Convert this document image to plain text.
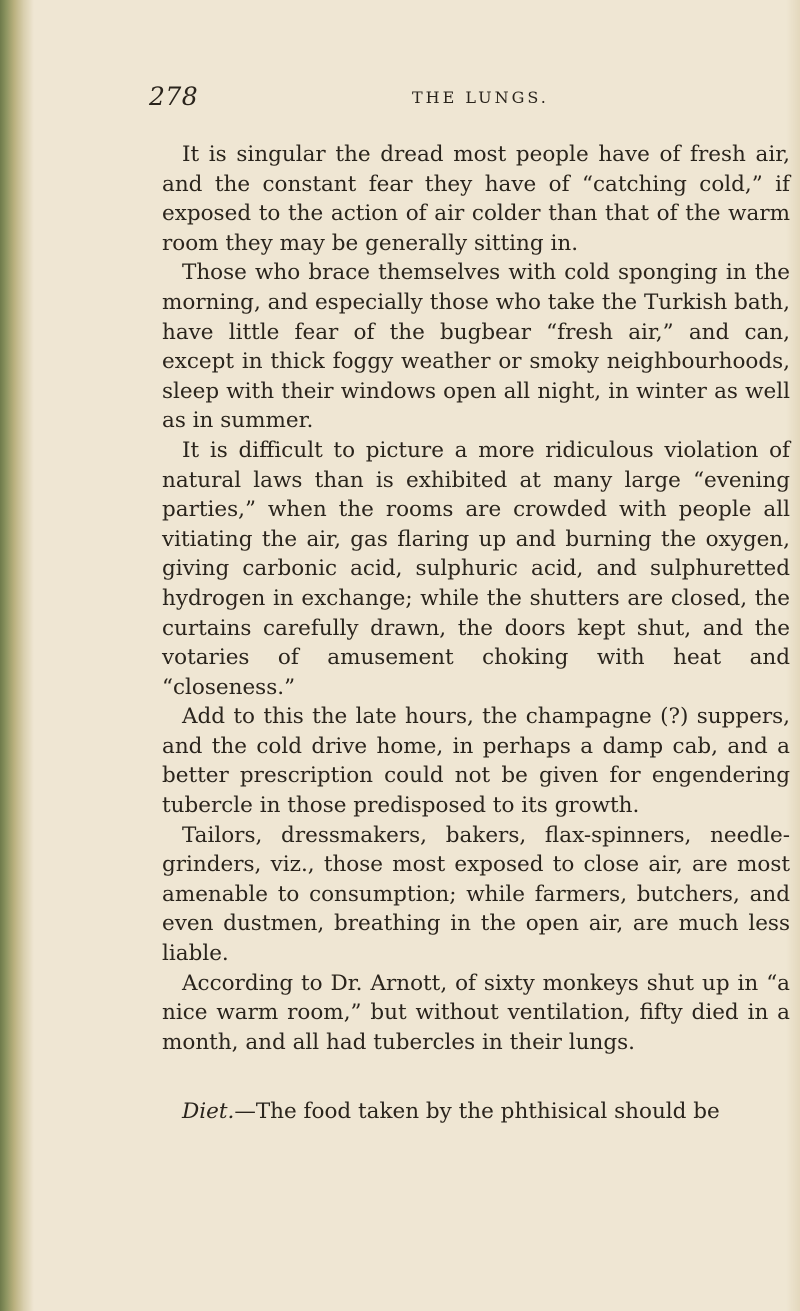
278	THE LUNGS.

It is singular the dread most people have of fresh air, and the constant fear they have of “catching cold,” if exposed to the action of air colder than that of the warm room they may be generally sitting in.

Those who brace themselves with cold sponging in the morning, and especially those who take the Turkish bath, have little fear of the bugbear “fresh air,” and can, except in thick foggy weather or smoky neighbourhoods, sleep with their windows open all night, in winter as well as in summer.

It is difficult to picture a more ridiculous violation of natural laws than is exhibited at many large “evening parties,” when the rooms are crowded with people all vitiating the air, gas flaring up and burning the oxygen, giving carbonic acid, sulphuric acid, and sulphuretted hydrogen in exchange; while the shutters are closed, the curtains carefully drawn, the doors kept shut, and the votaries of amusement choking with heat and “closeness.”

Add to this the late hours, the champagne (?) suppers, and the cold drive home, in perhaps a damp cab, and a better prescription could not be given for engendering tubercle in those predisposed to its growth.

Tailors, dressmakers, bakers, flax-spinners, needle-grinders, viz., those most exposed to close air, are most amenable to consumption; while farmers, butchers, and even dustmen, breathing in the open air, are much less liable.

According to Dr. Arnott, of sixty monkeys shut up in “a nice warm room,” but without ventilation, fifty died in a month, and all had tubercles in their lungs.

Diet.—The food taken by the phthisical should be
